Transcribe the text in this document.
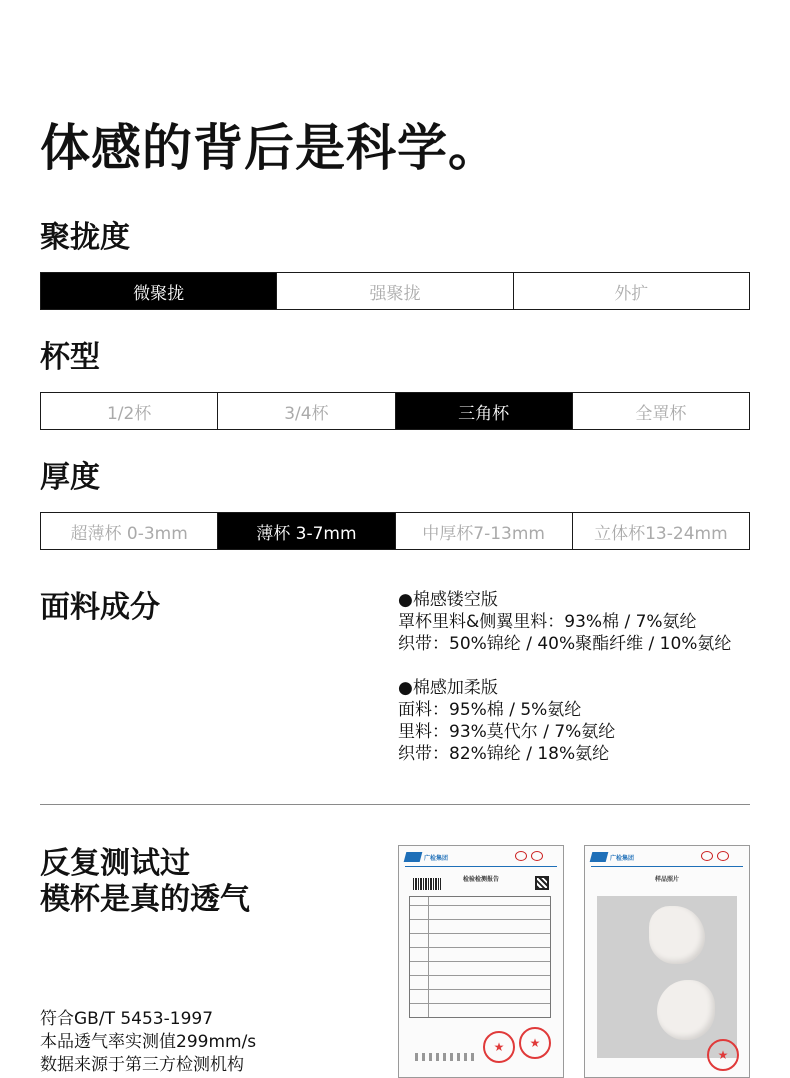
体感的背后是科学。
聚拢度
微聚拢	强聚拢	外扩
杯型
1/2杯	3/4杯	三角杯	全罩杯
厚度
超薄杯 0-3mm	薄杯 3-7mm	中厚杯7-13mm	立体杯13-24mm
面料成分	●棉感镂空版
罩杯里料&侧翼里料：93%棉 / 7%氨纶
织带：50%锦纶 / 40%聚酯纤维 / 10%氨纶
●棉感加柔版
面料：95%棉 / 5%氨纶
里料：93%莫代尔 / 7%氨纶
织带：82%锦纶 / 18%氨纶
反复测试过
模杯是真的透气
符合GB/T 5453-1997
本品透气率实测值299mm/s
数据来源于第三方检测机构
广检集团
检验检测报告
★
★
广检集团
样品照片
★
